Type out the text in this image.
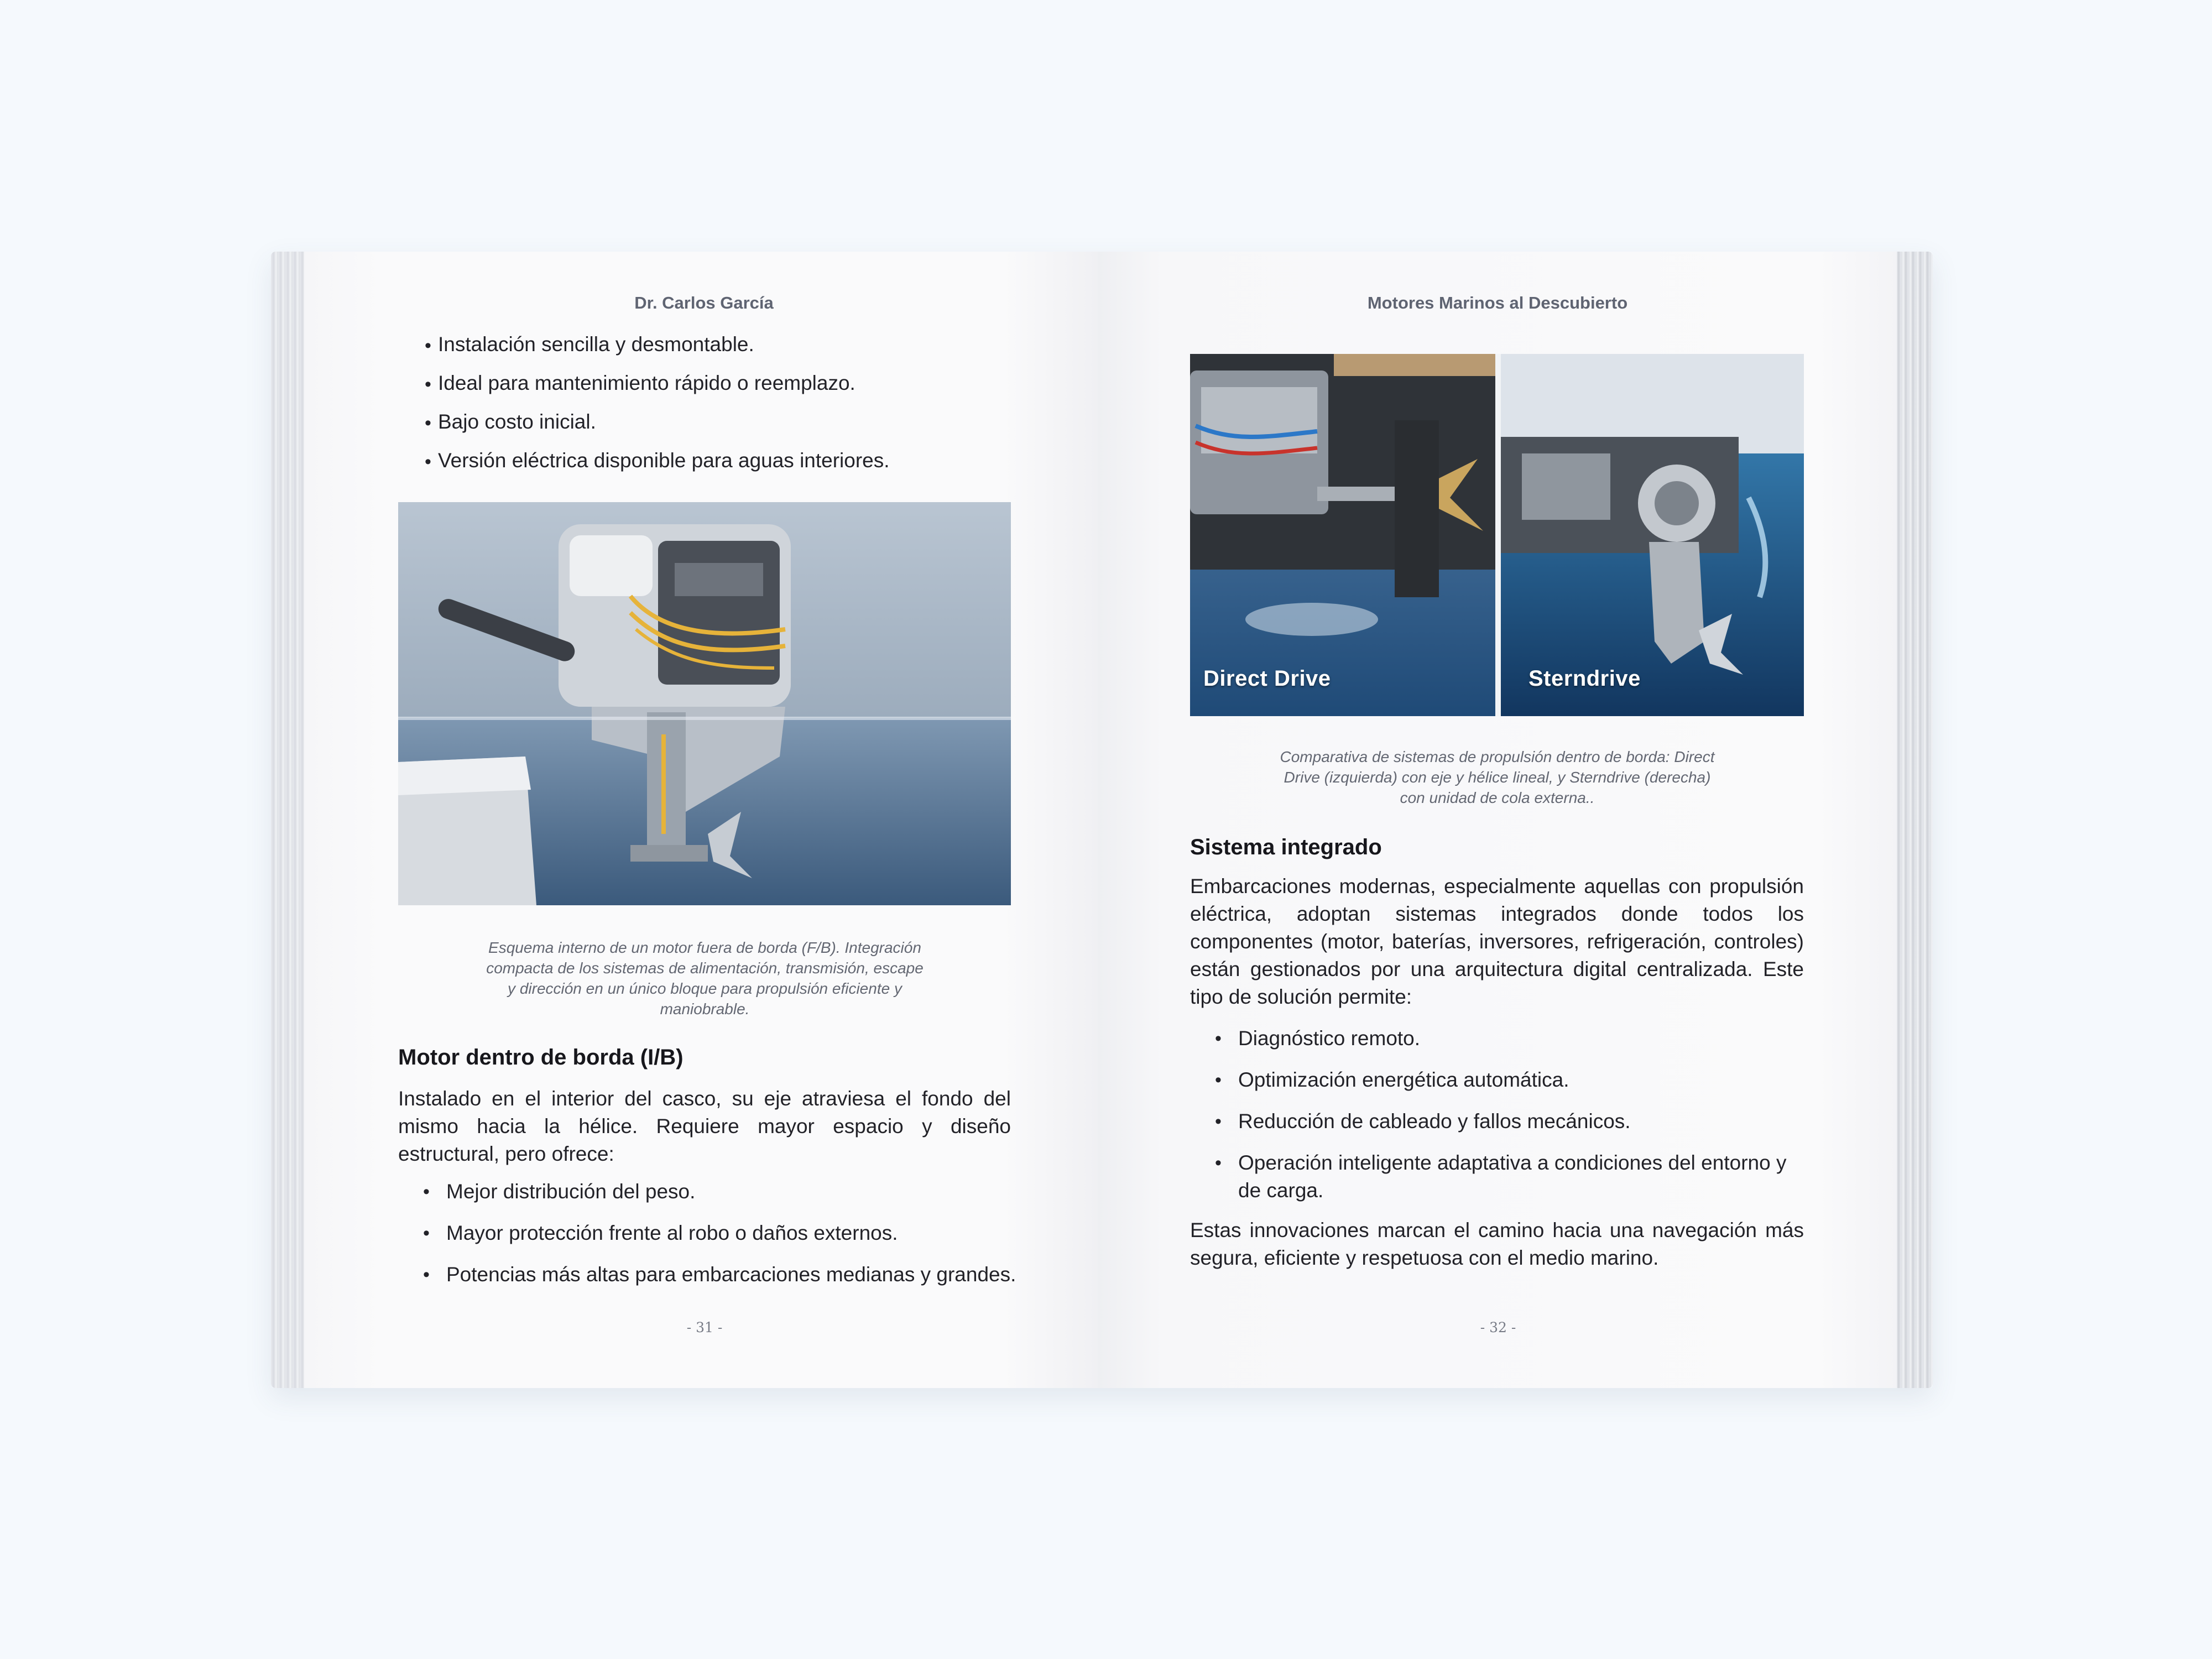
Dr. Carlos García
• Instalación sencilla y desmontable.
• Ideal para mantenimiento rápido o reemplazo.
• Bajo costo inicial.
• Versión eléctrica disponible para aguas interiores.
Esquema interno de un motor fuera de borda (F/B). Integración compacta de los sistemas de alimentación, transmisión, escape y dirección en un único bloque para propulsión eficiente y maniobrable.
Motor dentro de borda (I/B)
Instalado en el interior del casco, su eje atraviesa el fondo del mismo hacia la hélice. Requiere mayor espacio y diseño estructural, pero ofrece:
• Mejor distribución del peso.
• Mayor protección frente al robo o daños externos.
• Potencias más altas para embarcaciones medianas y grandes.
- 31 -
Motores Marinos al Descubierto
Direct Drive	Sterndrive
Comparativa de sistemas de propulsión dentro de borda: Direct Drive (izquierda) con eje y hélice lineal, y Sterndrive (derecha) con unidad de cola externa..
Sistema integrado
Embarcaciones modernas, especialmente aquellas con propulsión eléctrica, adoptan sistemas integrados donde todos los componentes (motor, baterías, inversores, refrigeración, controles) están gestionados por una arquitectura digital centralizada. Este tipo de solución permite:
• Diagnóstico remoto.
• Optimización energética automática.
• Reducción de cableado y fallos mecánicos.
• Operación inteligente adaptativa a condiciones del entorno y de carga.
Estas innovaciones marcan el camino hacia una navegación más segura, eficiente y respetuosa con el medio marino.
- 32 -
